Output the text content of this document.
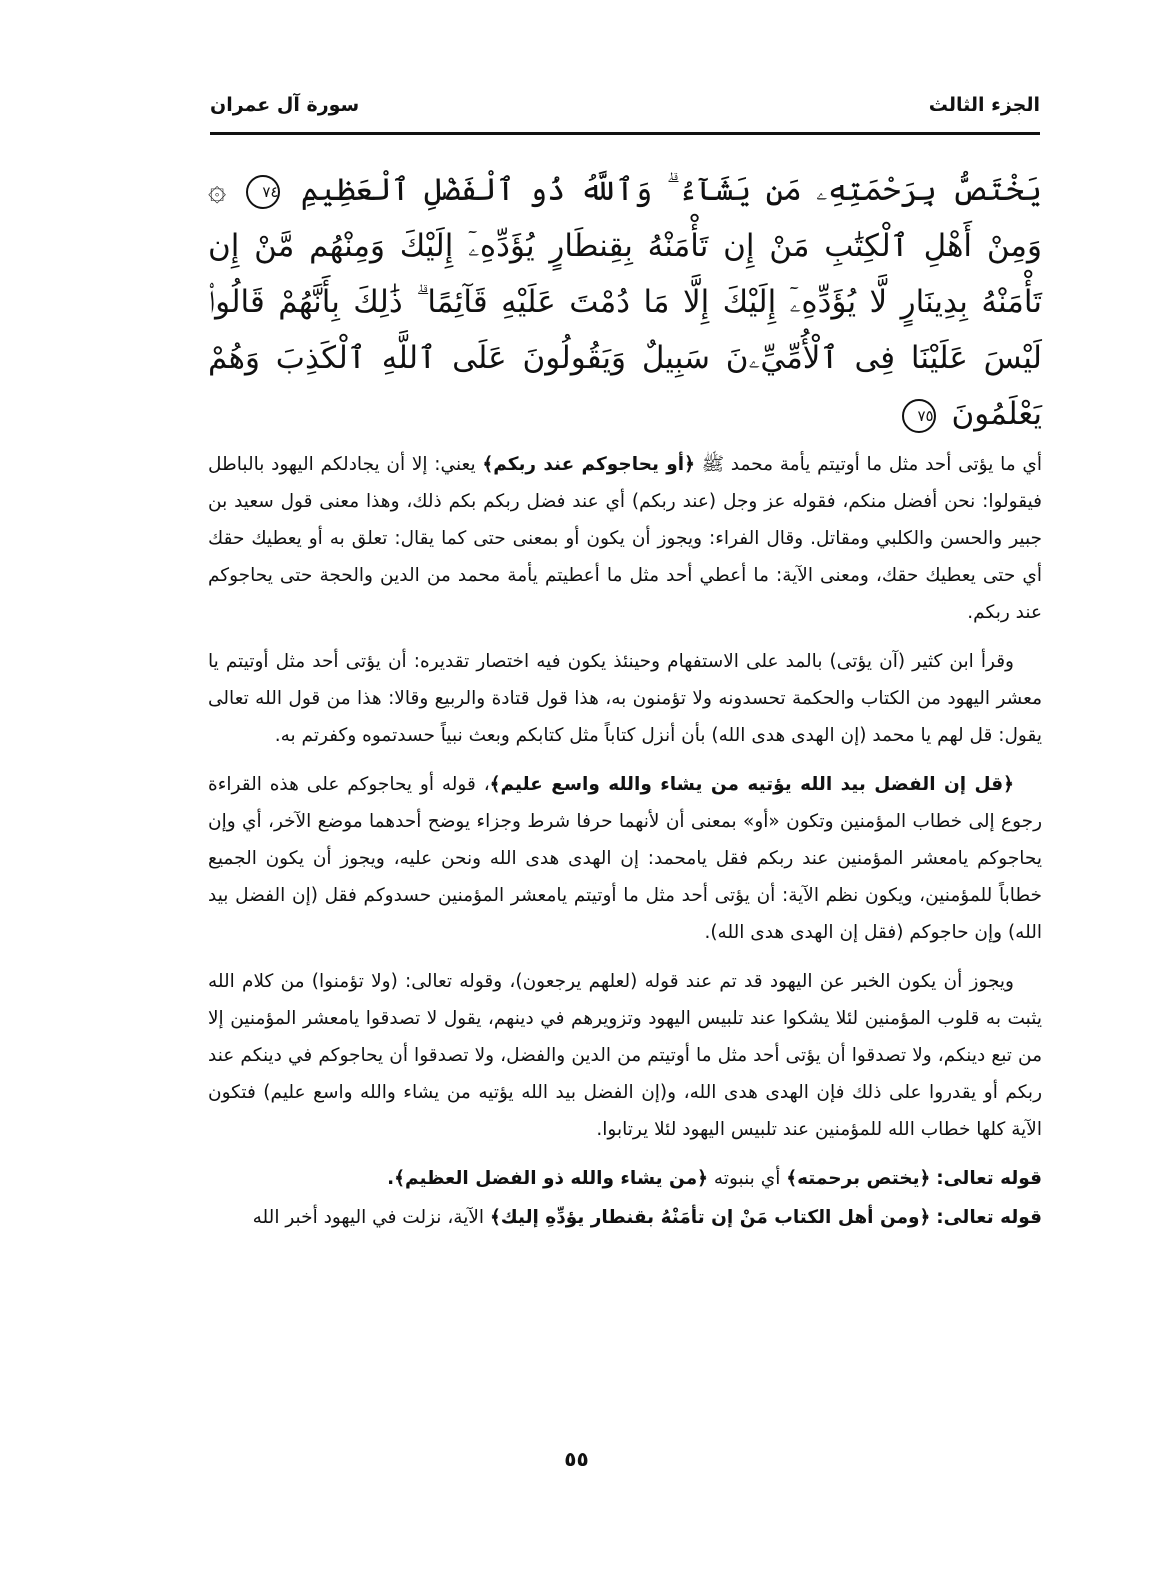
الجزء الثالث
سورة آل عمران

يَخْتَصُّ بِرَحْمَتِهِۦ مَن يَشَآءُ ۗ وَٱللَّهُ ذُو ٱلْفَضْلِ ٱلْعَظِيمِ ٧٤ ۞ وَمِنْ أَهْلِ ٱلْكِتَٰبِ مَنْ إِن تَأْمَنْهُ بِقِنطَارٍ يُؤَدِّهِۦٓ إِلَيْكَ وَمِنْهُم مَّنْ إِن تَأْمَنْهُ بِدِينَارٍ لَّا يُؤَدِّهِۦٓ إِلَيْكَ إِلَّا مَا دُمْتَ عَلَيْهِ قَآئِمًا ۗ ذَٰلِكَ بِأَنَّهُمْ قَالُوا۟ لَيْسَ عَلَيْنَا فِى ٱلْأُمِّيِّۦنَ سَبِيلٌ وَيَقُولُونَ عَلَى ٱللَّهِ ٱلْكَذِبَ وَهُمْ يَعْلَمُونَ ٧٥

أي ما يؤتى أحد مثل ما أوتيتم يأمة محمد ﷺ ﴿أو يحاجوكم عند ربكم﴾ يعني: إلا أن يجادلكم اليهود بالباطل فيقولوا: نحن أفضل منكم، فقوله عز وجل (عند ربكم) أي عند فضل ربكم بكم ذلك، وهذا معنى قول سعيد بن جبير والحسن والكلبي ومقاتل. وقال الفراء: ويجوز أن يكون أو بمعنى حتى كما يقال: تعلق به أو يعطيك حقك أي حتى يعطيك حقك، ومعنى الآية: ما أعطي أحد مثل ما أعطيتم يأمة محمد من الدين والحجة حتى يحاجوكم عند ربكم.

وقرأ ابن كثير (آن يؤتى) بالمد على الاستفهام وحينئذ يكون فيه اختصار تقديره: أن يؤتى أحد مثل أوتيتم يا معشر اليهود من الكتاب والحكمة تحسدونه ولا تؤمنون به، هذا قول قتادة والربيع وقالا: هذا من قول الله تعالى يقول: قل لهم يا محمد (إن الهدى هدى الله) بأن أنزل كتاباً مثل كتابكم وبعث نبياً حسدتموه وكفرتم به.

﴿قل إن الفضل بيد الله يؤتيه من يشاء والله واسع عليم﴾، قوله أو يحاجوكم على هذه القراءة رجوع إلى خطاب المؤمنين وتكون «أو» بمعنى أن لأنهما حرفا شرط وجزاء يوضح أحدهما موضع الآخر، أي وإن يحاجوكم يامعشر المؤمنين عند ربكم فقل يامحمد: إن الهدى هدى الله ونحن عليه، ويجوز أن يكون الجميع خطاباً للمؤمنين، ويكون نظم الآية: أن يؤتى أحد مثل ما أوتيتم يامعشر المؤمنين حسدوكم فقل (إن الفضل بيد الله) وإن حاجوكم (فقل إن الهدى هدى الله).

ويجوز أن يكون الخبر عن اليهود قد تم عند قوله (لعلهم يرجعون)، وقوله تعالى: (ولا تؤمنوا) من كلام الله يثبت به قلوب المؤمنين لئلا يشكوا عند تلبيس اليهود وتزويرهم في دينهم، يقول لا تصدقوا يامعشر المؤمنين إلا من تبع دينكم، ولا تصدقوا أن يؤتى أحد مثل ما أوتيتم من الدين والفضل، ولا تصدقوا أن يحاجوكم في دينكم عند ربكم أو يقدروا على ذلك فإن الهدى هدى الله، و(إن الفضل بيد الله يؤتيه من يشاء والله واسع عليم) فتكون الآية كلها خطاب الله للمؤمنين عند تلبيس اليهود لئلا يرتابوا.

قوله تعالى: ﴿يختص برحمته﴾ أي بنبوته ﴿من يشاء والله ذو الفضل العظيم﴾.

قوله تعالى: ﴿ومن أهل الكتاب مَنْ إن تأمَنْهُ بقنطار يؤدِّهِ إليك﴾ الآية، نزلت في اليهود أخبر الله

٥٥
